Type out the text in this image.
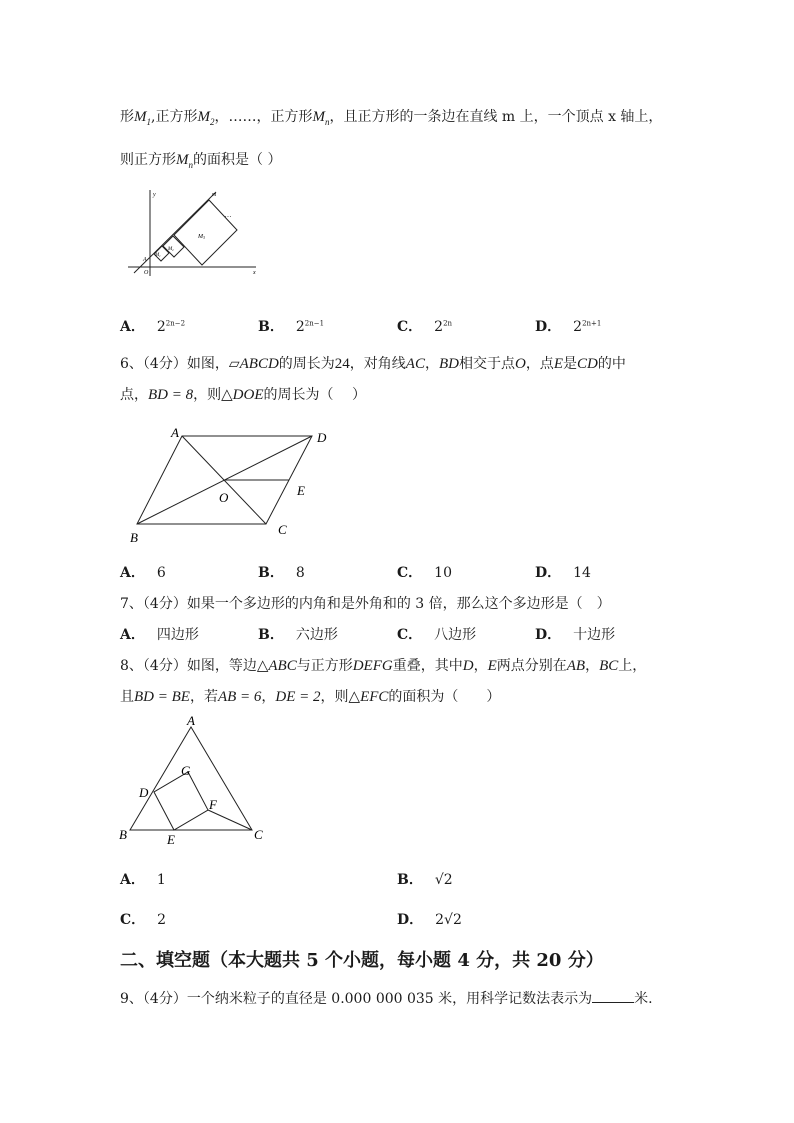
形$M_1$,正方形$M_2$，……，正方形$M_n$，且正方形的一条边在直线 m 上，一个顶点 x 轴上，
则正方形$M_n$的面积是（ ）
y
x
m
…
O
A
$M_1$
$M_2$
M3
A． $2^{2n-2}$	B． $2^{2n-1}$	C． $2^{2n}$	D． $2^{2n+1}$
6、（4分）如图，▱ABCD的周长为24，对角线AC，BD相交于点O，点E是CD的中
点，BD = 8，则△DOE的周长为（　 ）
A	D
B
C
E
O
A． 6	B． 8	C． 10	D． 14
7、（4分）如果一个多边形的内角和是外角和的 3 倍，那么这个多边形是（　）
A． 四边形	B． 六边形	C． 八边形	D． 十边形
8、（4分）如图，等边△ABC与正方形DEFG重叠，其中D，E两点分别在AB，BC上，
且BD = BE，若AB = 6，DE = 2，则△EFC的面积为（　　）
A
B	C
D
E
F
G
A． 1	B． √2
C． 2	D． 2√2
二、填空题（本大题共 5 个小题，每小题 4 分，共 20 分）
9、（4分）一个纳米粒子的直径是 0.000 000 035 米，用科学记数法表示为	米.
